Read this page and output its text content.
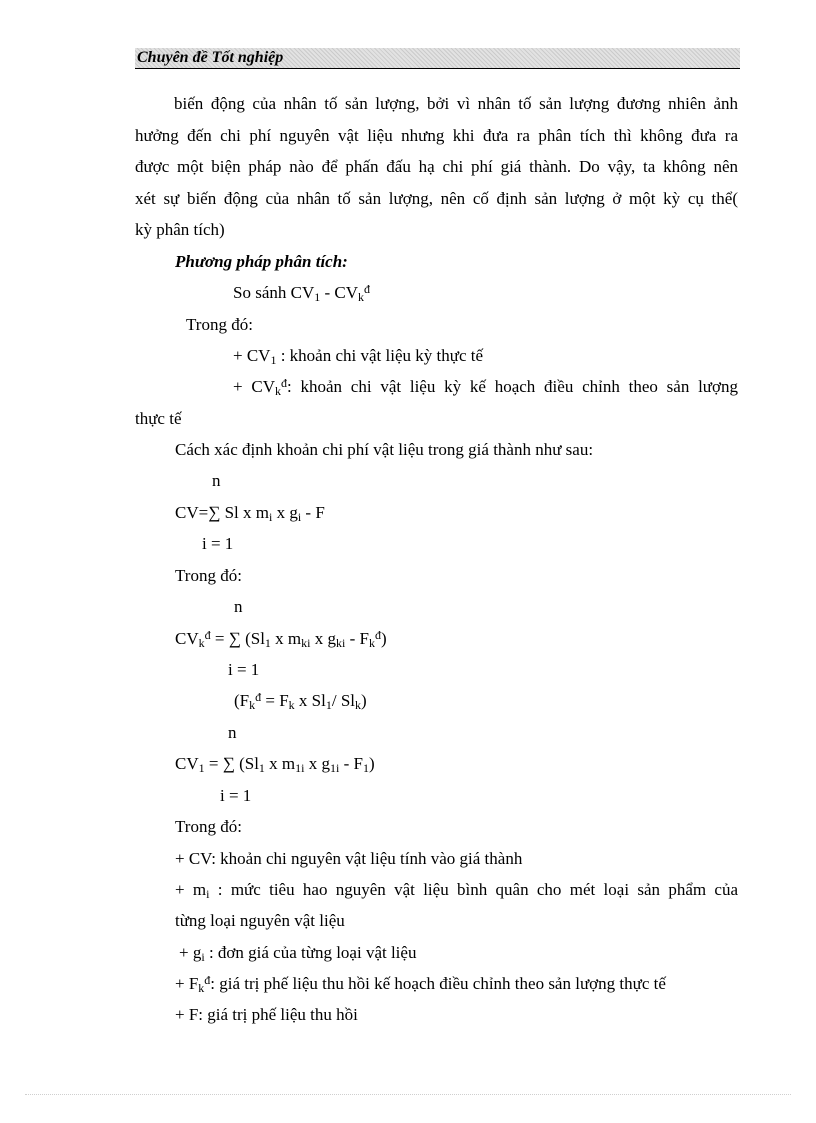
Chuyên đề Tốt nghiệp
biến động của nhân tố sản lượng, bởi vì nhân tố sản lượng đương nhiên ảnh
hưởng đến chi phí nguyên vật liệu nhưng khi đưa ra phân tích thì không đưa ra
được một biện pháp nào để phấn đấu hạ chi phí giá thành. Do vậy, ta không nên
xét sự biến động của nhân tố sản lượng, nên cố định sản lượng ở một kỳ cụ thể(
kỳ phân tích)
Phương pháp phân tích:
So sánh $CV_1 - CV_k^đ$
Trong đó:
+ $CV_1$ : khoản chi vật liệu kỳ thực tế
+ $CV_k^đ$: khoản chi vật liệu kỳ kế hoạch điều chỉnh theo sản lượng
thực tế
Cách xác định khoản chi phí vật liệu trong giá thành như sau:
n
CV=∑ Sl x $m_i$ x $g_i$ - F
i = 1
Trong đó:
n
$CV_k^đ$ = ∑ ($Sl_1$ x $m_{ki}$ x $g_{ki} - F_k^đ$)
i = 1
($F_k^đ = F_k$ x $Sl_1/$ $Sl_k$)
n
$CV_1$ = ∑ ($Sl_1$ x $m_{1i}$ x $g_{1i} - F_1$)
i = 1
Trong đó:
+ CV: khoản chi nguyên vật liệu tính vào giá thành
+ $m_i$ : mức tiêu hao nguyên vật liệu bình quân cho mét loại sản phẩm của
từng loại nguyên vật liệu
+ $g_i$ : đơn giá của từng loại vật liệu
+ $F_k^đ$: giá trị phế liệu thu hồi kế hoạch điều chỉnh theo sản lượng thực tế
+ F: giá trị phế liệu thu hồi
